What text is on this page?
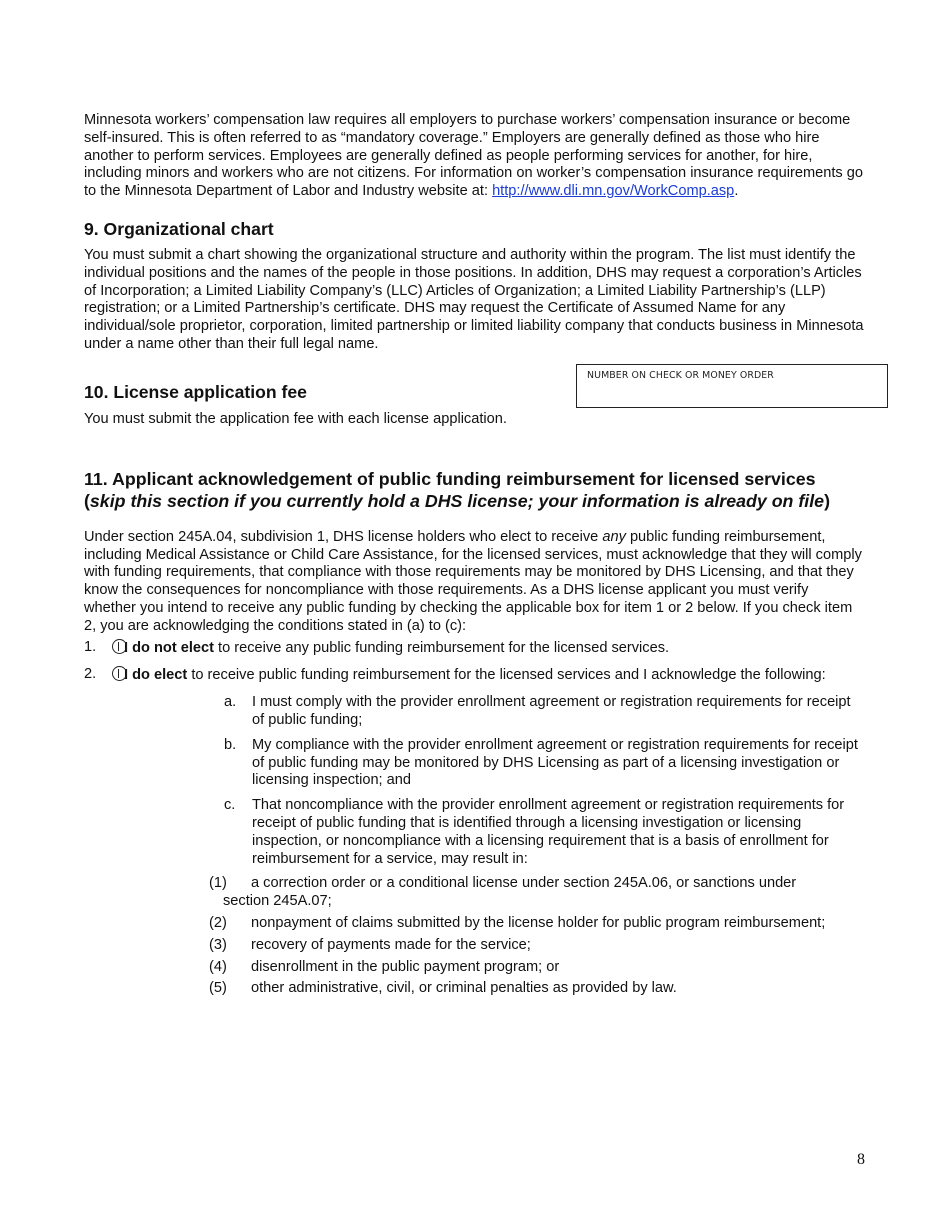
Minnesota workers’ compensation law requires all employers to purchase workers’ compensation insurance or become self-insured. This is often referred to as “mandatory coverage.” Employers are generally defined as those who hire another to perform services. Employees are generally defined as people performing services for another, for hire, including minors and workers who are not citizens. For information on worker’s compensation insurance requirements go to the Minnesota Department of Labor and Industry website at: http://www.dli.mn.gov/WorkComp.asp.

9. Organizational chart

You must submit a chart showing the organizational structure and authority within the program. The list must identify the individual positions and the names of the people in those positions. In addition, DHS may request a corporation’s Articles of Incorporation; a Limited Liability Company’s (LLC) Articles of Organization; a Limited Liability Partnership’s (LLP) registration; or a Limited Partnership’s certificate. DHS may request the Certificate of Assumed Name for any individual/sole proprietor, corporation, limited partnership or limited liability company that conducts business in Minnesota under a name other than their full legal name.

10. License application fee

You must submit the application fee with each license application.

NUMBER ON CHECK OR MONEY ORDER
11. Applicant acknowledgement of public funding reimbursement for licensed services
(skip this section if you currently hold a DHS license; your information is already on file)

Under section 245A.04, subdivision 1, DHS license holders who elect to receive any public funding reimbursement, including Medical Assistance or Child Care Assistance, for the licensed services, must acknowledge that they will comply with funding requirements, that compliance with those requirements may be monitored by DHS Licensing, and that they know the consequences for noncompliance with those requirements. As a DHS license applicant you must verify whether you intend to receive any public funding by checking the applicable box for item 1 or 2 below. If you check item 2, you are acknowledging the conditions stated in (a) to (c):

1.	I do not elect to receive any public funding reimbursement for the licensed services.
2.	I do elect to receive public funding reimbursement for the licensed services and I acknowledge the following:
a. I must comply with the provider enrollment agreement or registration requirements for receipt of public funding;
b. My compliance with the provider enrollment agreement or registration requirements for receipt of public funding may be monitored by DHS Licensing as part of a licensing investigation or licensing inspection; and
c. That noncompliance with the provider enrollment agreement or registration requirements for receipt of public funding that is identified through a licensing investigation or licensing inspection, or noncompliance with a licensing requirement that is a basis of enrollment for reimbursement for a service, may result in:
(1) a correction order or a conditional license under section 245A.06, or sanctions under
section 245A.07;
(2) nonpayment of claims submitted by the license holder for public program reimbursement;
(3) recovery of payments made for the service;
(4) disenrollment in the public payment program; or
(5) other administrative, civil, or criminal penalties as provided by law.
8
